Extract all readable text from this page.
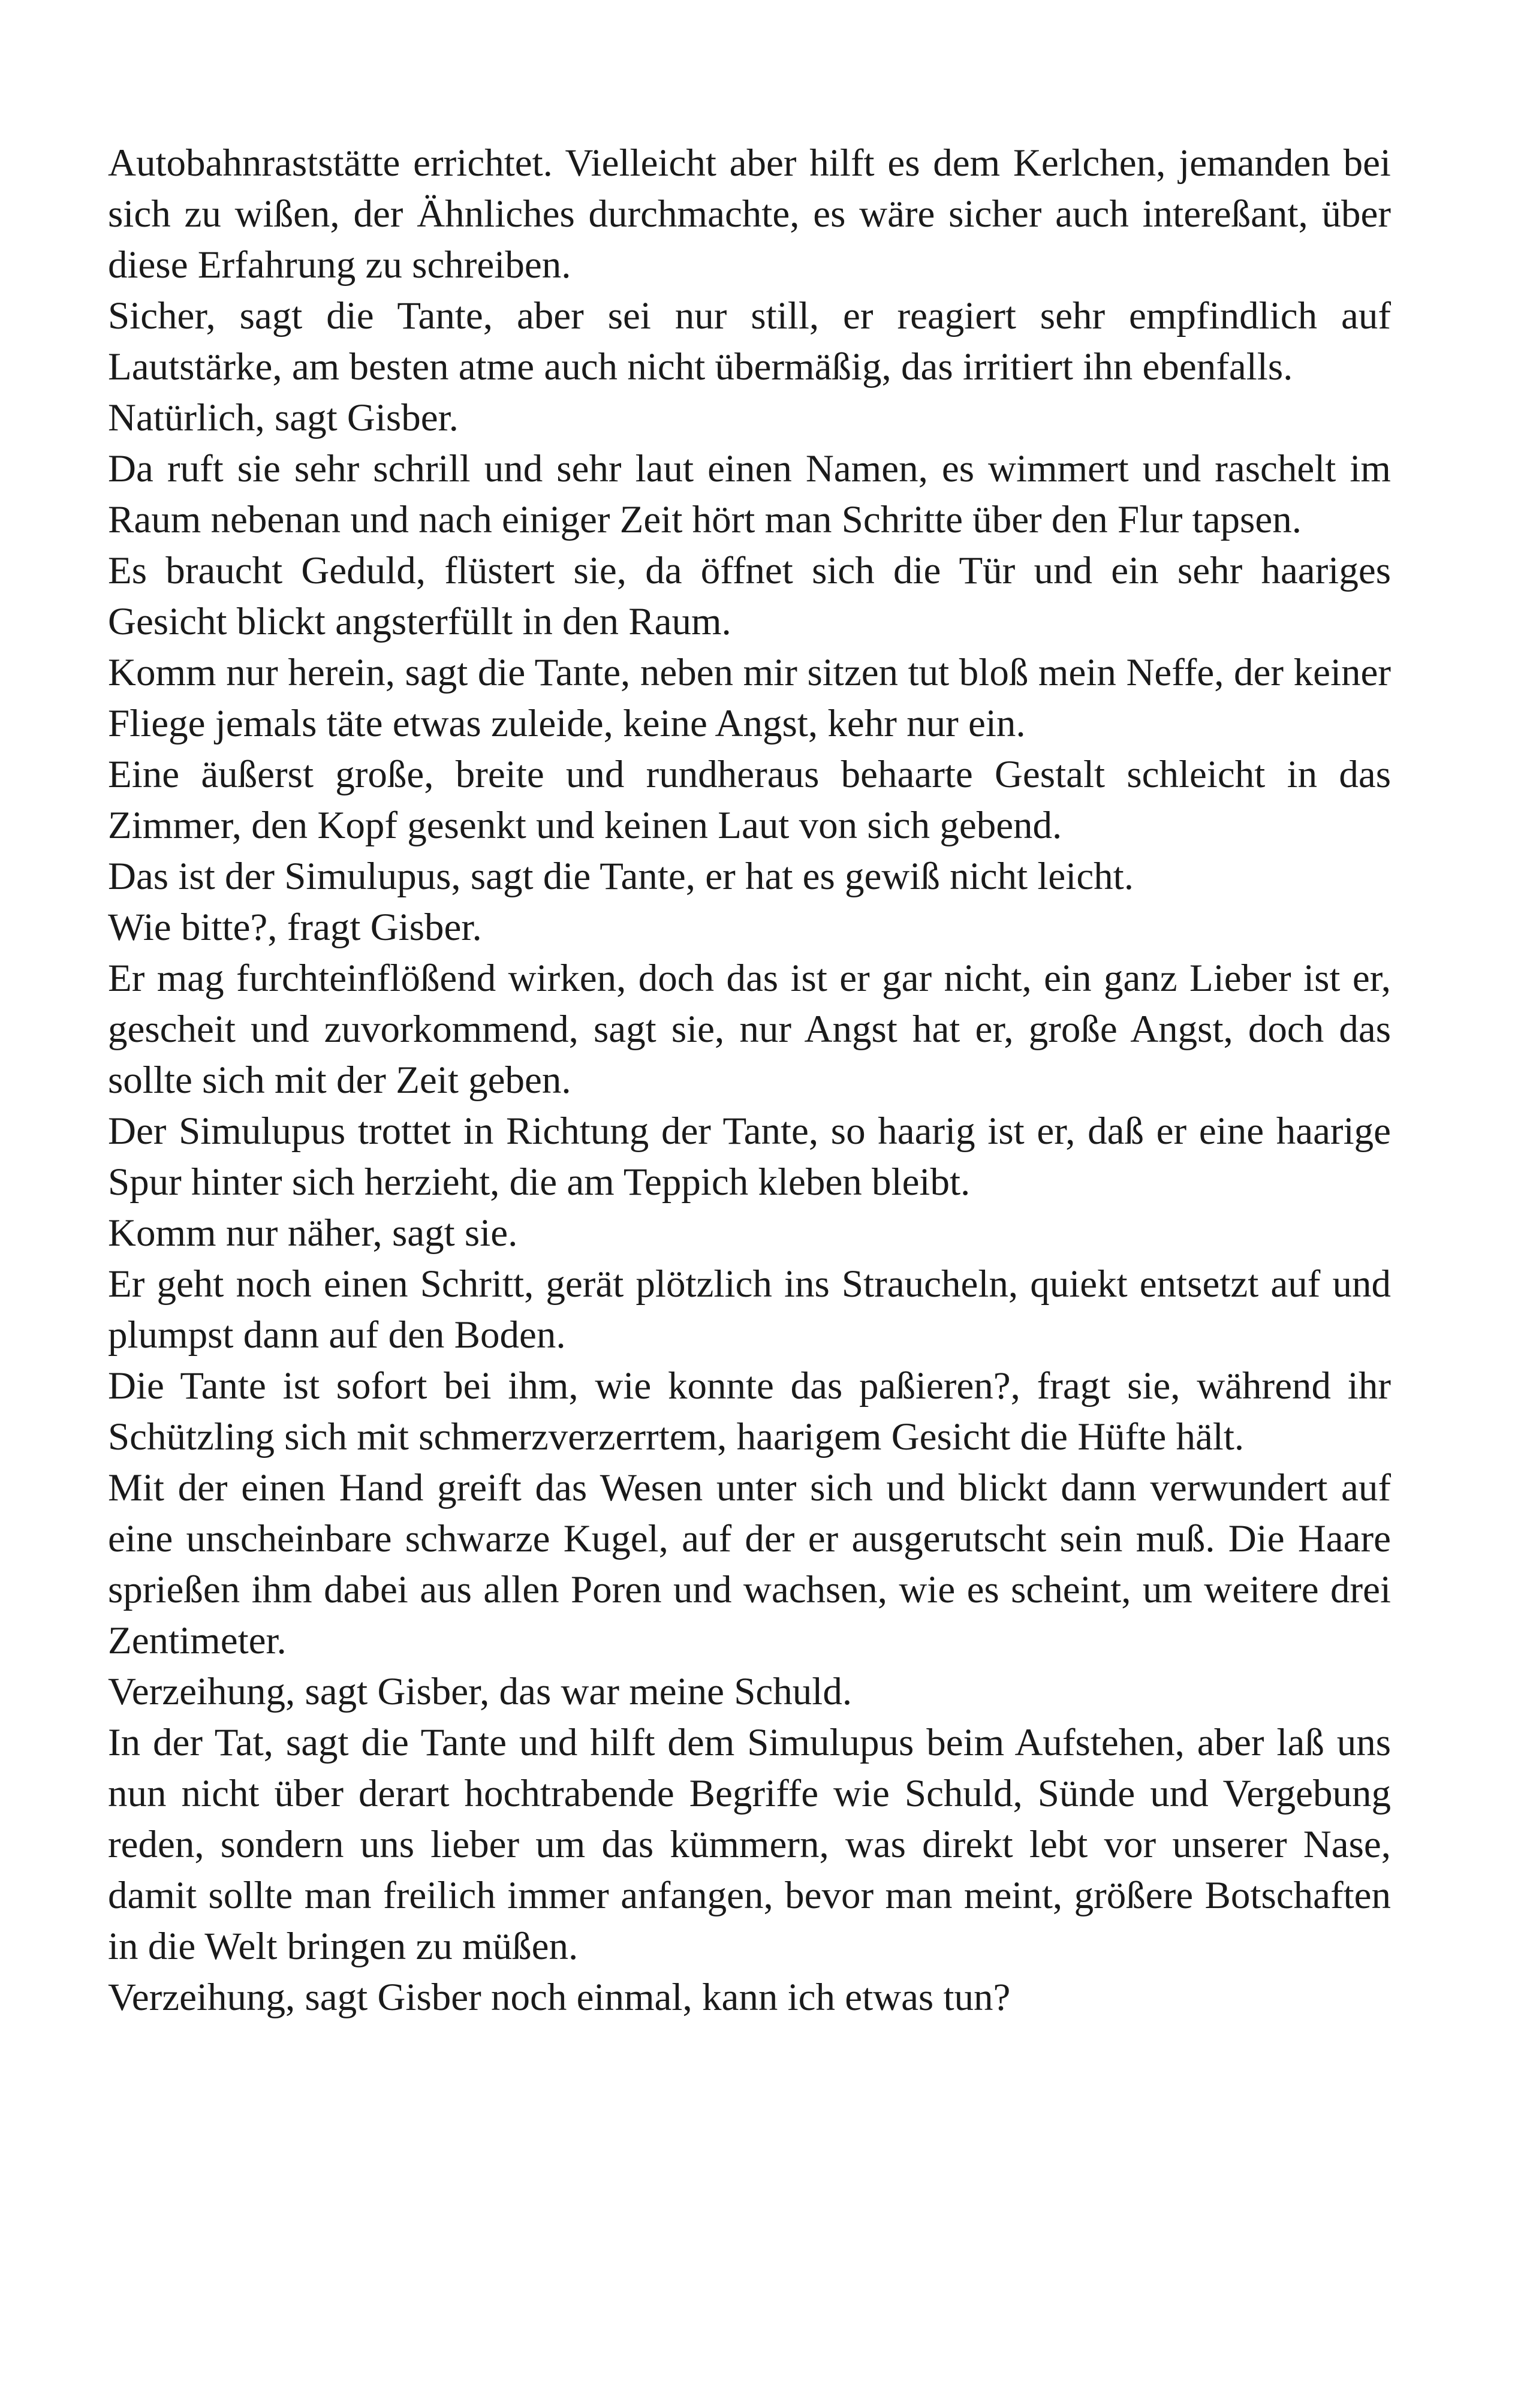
Autobahnraststätte errichtet. Vielleicht aber hilft es dem Kerlchen, jemanden bei sich zu wißen, der Ähnliches durchmachte, es wäre sicher auch intereßant, über diese Erfahrung zu schreiben.

Sicher, sagt die Tante, aber sei nur still, er reagiert sehr empfindlich auf Lautstärke, am besten atme auch nicht übermäßig, das irritiert ihn ebenfalls.

Natürlich, sagt Gisber.

Da ruft sie sehr schrill und sehr laut einen Namen, es wimmert und raschelt im Raum nebenan und nach einiger Zeit hört man Schritte über den Flur tapsen.

Es braucht Geduld, flüstert sie, da öffnet sich die Tür und ein sehr haariges Gesicht blickt angsterfüllt in den Raum.

Komm nur herein, sagt die Tante, neben mir sitzen tut bloß mein Neffe, der keiner Fliege jemals täte etwas zuleide, keine Angst, kehr nur ein.

Eine äußerst große, breite und rundheraus behaarte Gestalt schleicht in das Zimmer, den Kopf gesenkt und keinen Laut von sich gebend.

Das ist der Simulupus, sagt die Tante, er hat es gewiß nicht leicht.

Wie bitte?, fragt Gisber.

Er mag furchteinflößend wirken, doch das ist er gar nicht, ein ganz Lieber ist er, gescheit und zuvorkommend, sagt sie, nur Angst hat er, große Angst, doch das sollte sich mit der Zeit geben.

Der Simulupus trottet in Richtung der Tante, so haarig ist er, daß er eine haarige Spur hinter sich herzieht, die am Teppich kleben bleibt.

Komm nur näher, sagt sie.

Er geht noch einen Schritt, gerät plötzlich ins Straucheln, quiekt entsetzt auf und plumpst dann auf den Boden.

Die Tante ist sofort bei ihm, wie konnte das paßieren?, fragt sie, während ihr Schützling sich mit schmerzverzerrtem, haarigem Gesicht die Hüfte hält.

Mit der einen Hand greift das Wesen unter sich und blickt dann verwundert auf eine unscheinbare schwarze Kugel, auf der er ausgerutscht sein muß. Die Haare sprießen ihm dabei aus allen Poren und wachsen, wie es scheint, um weitere drei Zentimeter.

Verzeihung, sagt Gisber, das war meine Schuld.

In der Tat, sagt die Tante und hilft dem Simulupus beim Aufstehen, aber laß uns nun nicht über derart hochtrabende Begriffe wie Schuld, Sünde und Vergebung reden, sondern uns lieber um das kümmern, was direkt lebt vor unserer Nase, damit sollte man freilich immer anfangen, bevor man meint, größere Botschaften in die Welt bringen zu müßen.

Verzeihung, sagt Gisber noch einmal, kann ich etwas tun?
